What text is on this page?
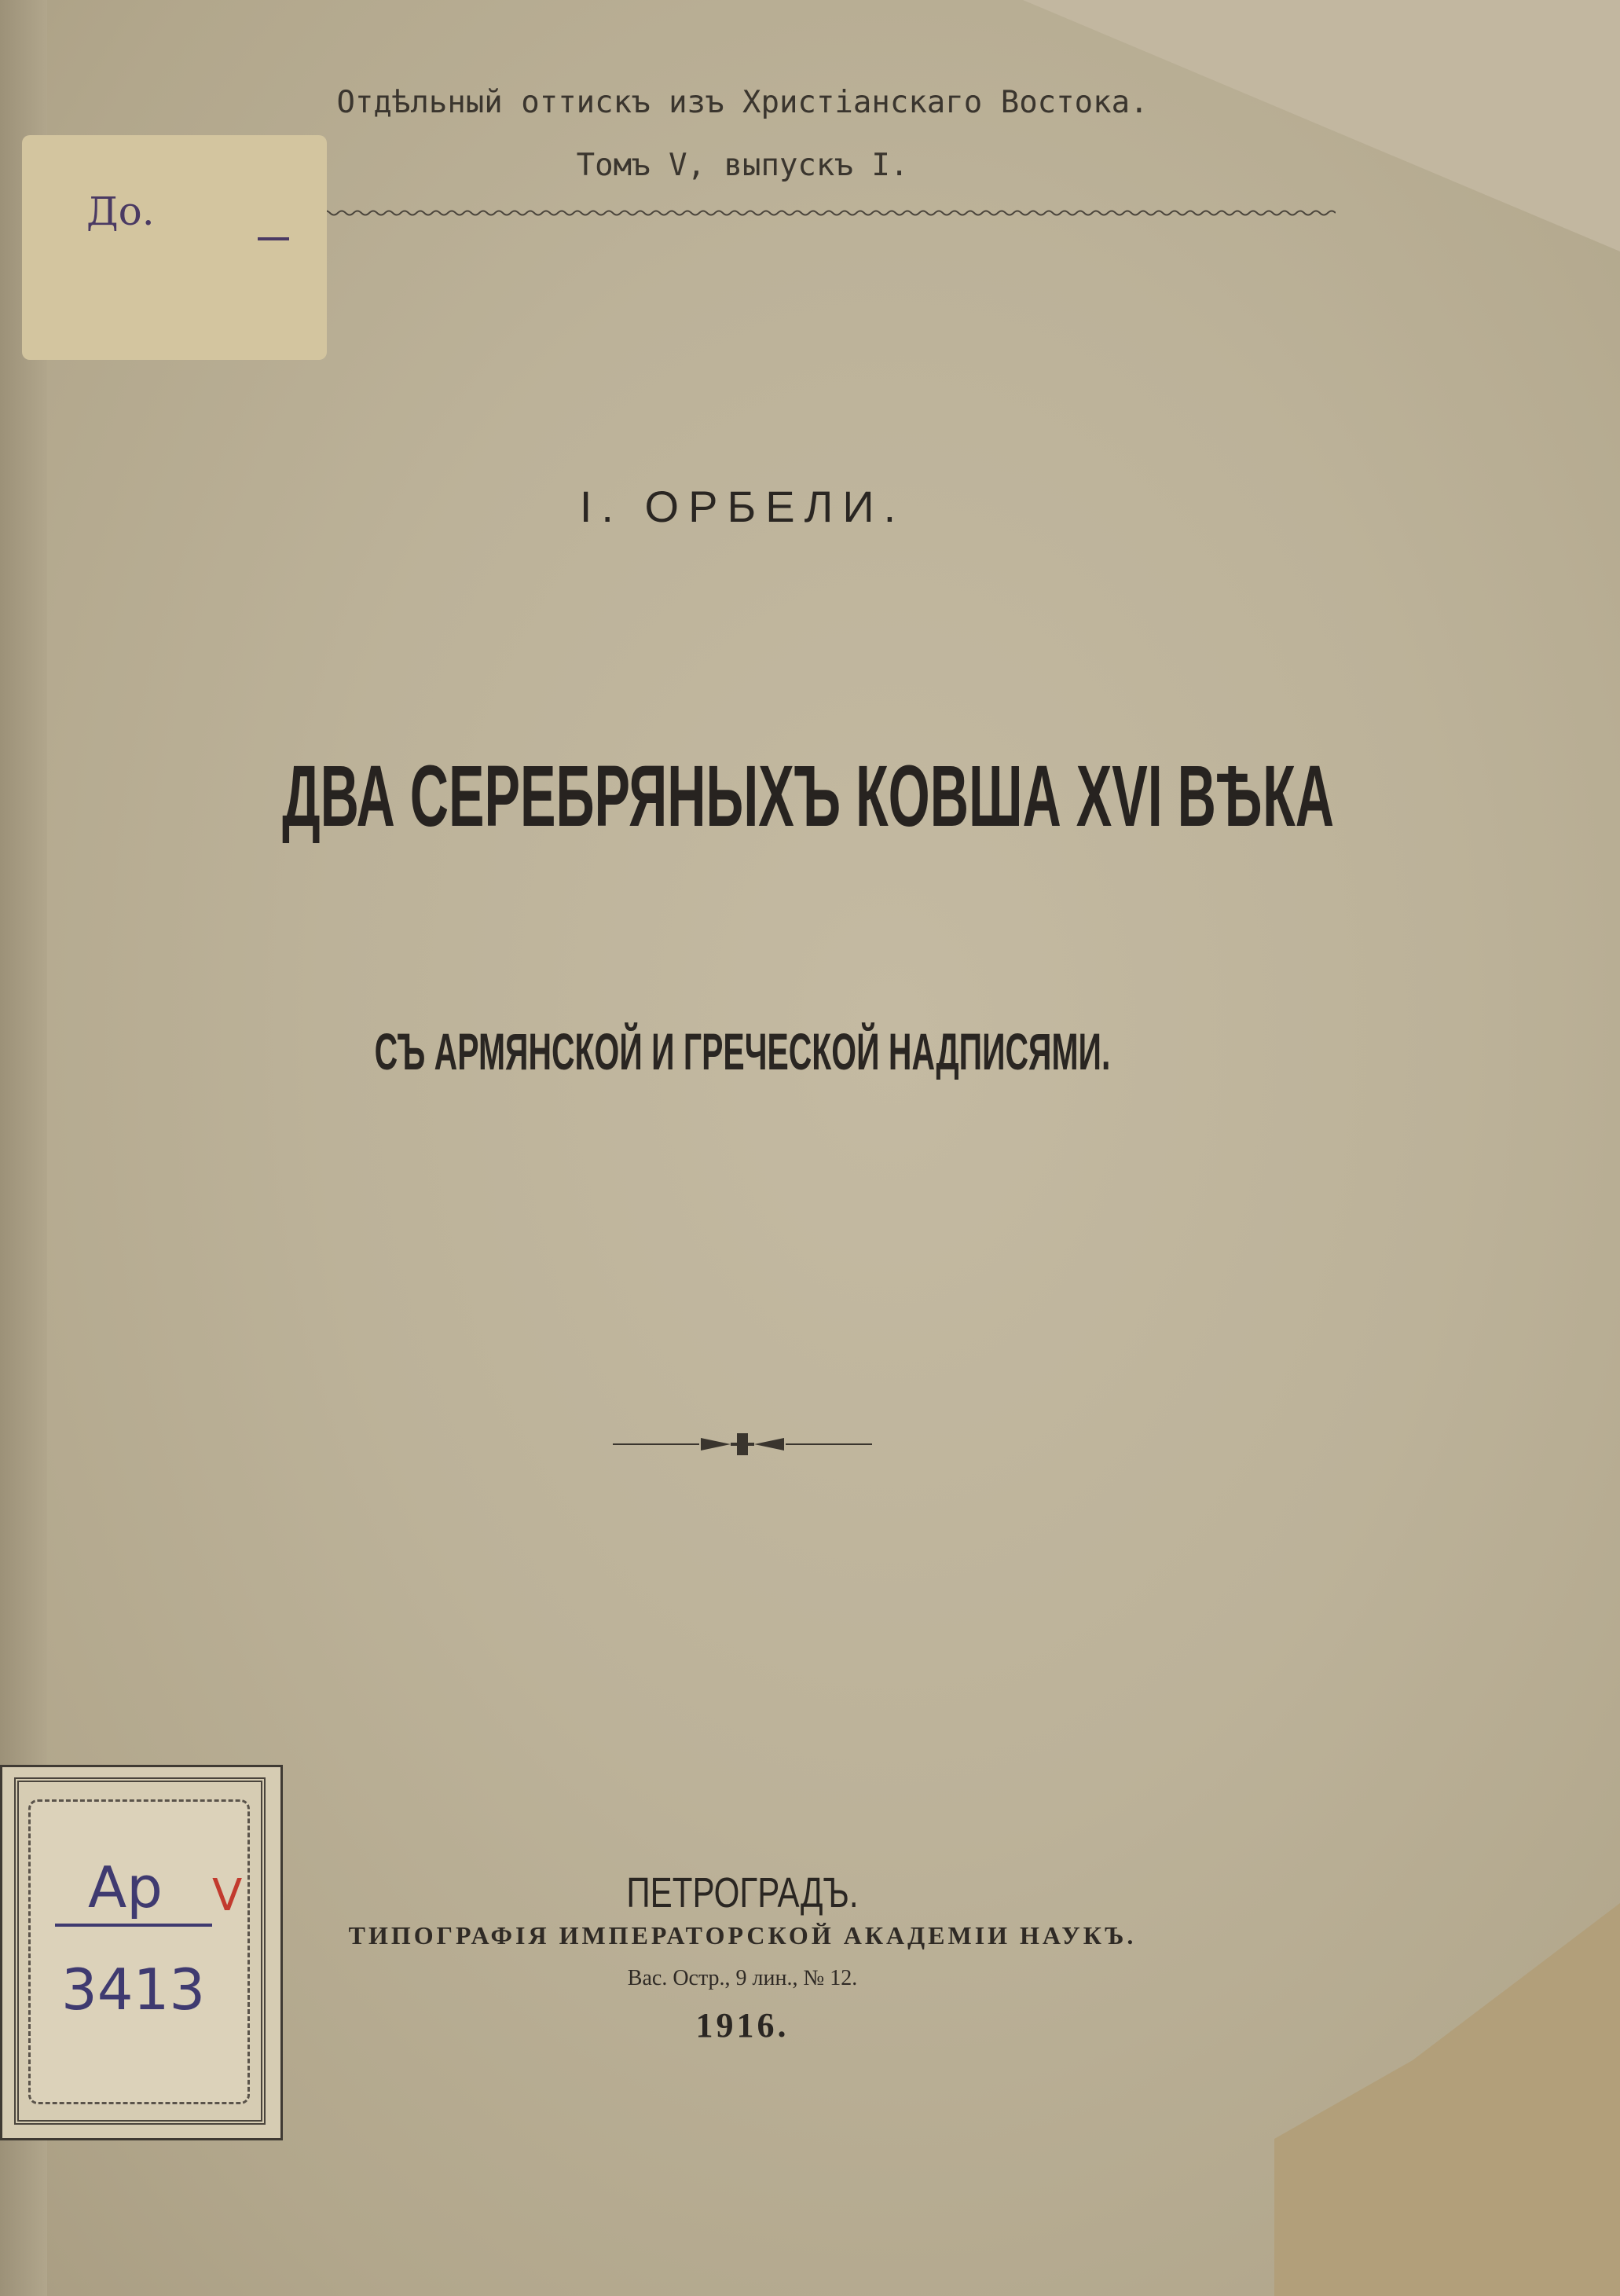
Отдѣльный оттискъ изъ Христіанскаго Востока.
Томъ V, выпускъ I.
До.
I. ОРБЕЛИ.
ДВА СЕРЕБРЯНЫХЪ КОВША XVI ВѢКА
СЪ АРМЯНСКОЙ И ГРЕЧЕСКОЙ НАДПИСЯМИ.
ПЕТРОГРАДЪ.
ТИПОГРАФІЯ ИМПЕРАТОРСКОЙ АКАДЕМІИ НАУКЪ.
Вас. Остр., 9 лин., № 12.
1916.
Ар V
3413
